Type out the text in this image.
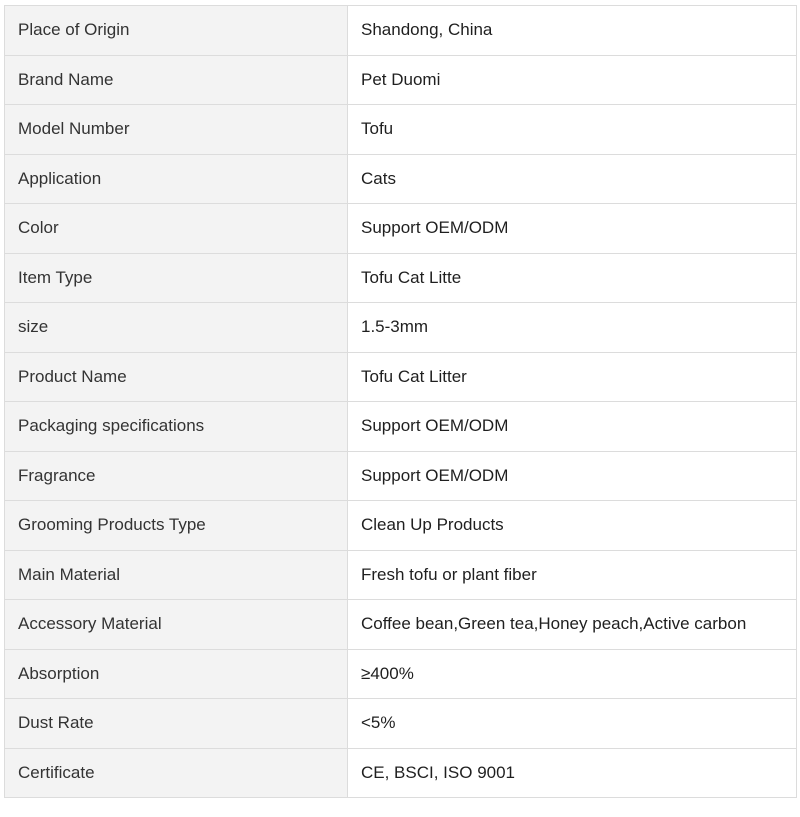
Place of Origin	Shandong, China
Brand Name	Pet Duomi
Model Number	Tofu
Application	Cats
Color	Support OEM/ODM
Item Type	Tofu Cat Litte
size	1.5-3mm
Product Name	Tofu Cat Litter
Packaging specifications	Support OEM/ODM
Fragrance	Support OEM/ODM
Grooming Products Type	Clean Up Products
Main Material	Fresh tofu or plant fiber
Accessory Material	Coffee bean,Green tea,Honey peach,Active carbon
Absorption	≥400%
Dust Rate	<5%
Certificate	CE, BSCI, ISO 9001
